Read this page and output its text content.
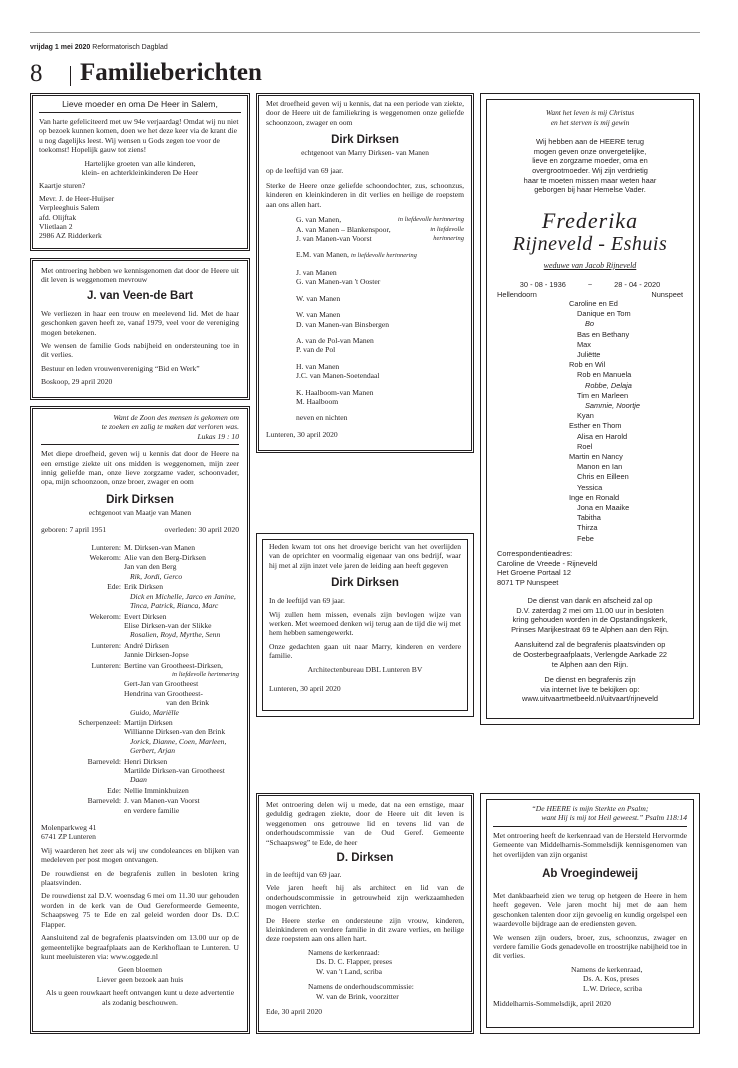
vrijdag 1 mei 2020 Reformatorisch Dagblad
8 Familieberichten
Lieve moeder en oma De Heer in Salem,

Van harte gefeliciteerd met uw 94e verjaardag! Omdat wij nu niet op bezoek kunnen komen, doen we het deze keer via de krant die u nog dagelijks leest. Wij wensen u Gods zegen toe voor de toekomst! Hopelijk gauw tot ziens!

Hartelijke groeten van alle kinderen,
klein- en achterkleinkinderen De Heer
Kaartje sturen?
Mevr. J. de Heer-Huijser
Verpleeghuis Salem
afd. Olijftak
Vlietlaan 2
2986 AZ Ridderkerk

Met ontroering hebben we kennisgenomen dat door de Heere uit dit leven is weggenomen mevrouw

J. van Veen-de Bart

We verliezen in haar een trouw en meelevend lid. Met de haar geschonken gaven heeft ze, vanaf 1979, veel voor de vereniging mogen betekenen.

We wensen de familie Gods nabijheid en ondersteuning toe in dit verlies.

Bestuur en leden vrouwenvereniging “Bid en Werk”

Boskoop, 29 april 2020
Want de Zoon des mensen is gekomen om
te zoeken en zalig te maken dat verloren was.
Lukas 19 : 10

Met diepe droefheid, geven wij u kennis dat door de Heere na een ernstige ziekte uit ons midden is weggenomen, mijn zeer innig geliefde man, onze lieve zorgzame vader, schoonvader, opa, mijn schoonzoon, onze broer, zwager en oom

Dirk Dirksen
echtgenoot van Maatje van Manen
geboren: 7 april 1951	overleden: 30 april 2020
Lunteren: M. Dirksen-van Manen
Wekerom: Alie van den Berg-Dirksen
Jan van den Berg
Rik, Jordi, Gerco
Ede: Erik Dirksen
Dick en Michelle, Jarco en Janine, Tinca, Patrick, Rianca, Marc
Wekerom: Evert Dirksen
Elise Dirksen-van der Slikke
Rosalien, Royd, Myrthe, Senn
Lunteren: André Dirksen
Jannie Dirksen-Jopse
Lunteren: Bertine van Grootheest-Dirksen,
in liefdevolle herinnering
Gert-Jan van Grootheest
Hendrina van Grootheest-
van den Brink
Guido, Mariëlle
Scherpenzeel: Martijn Dirksen
Willianne Dirksen-van den Brink
Jorick, Dianne, Coen, Marleen, Gerbert, Arjan
Barneveld: Henri Dirksen
Martilde Dirksen-van Grootheest
Daan
Ede: Nellie Imminkhuizen
Barneveld: J. van Manen-van Voorst
en verdere familie
Molenparkweg 41
6741 ZP Lunteren

Wij waarderen het zeer als wij uw condoleances en blijken van medeleven per post mogen ontvangen.

De rouwdienst en de begrafenis zullen in besloten kring plaatsvinden.

De rouwdienst zal D.V. woensdag 6 mei om 11.30 uur gehouden worden in de kerk van de Oud Gereformeerde Gemeente, Schaapsweg 75 te Ede en zal geleid worden door Ds. D.C Flapper.

Aansluitend zal de begrafenis plaatsvinden om 13.00 uur op de gemeentelijke begraafplaats aan de Kerkhoflaan te Lunteren. U kunt meeluisteren via: www.oggede.nl

Geen bloemen
Liever geen bezoek aan huis
Als u geen rouwkaart heeft ontvangen kunt u deze advertentie als zodanig beschouwen.

Met droefheid geven wij u kennis, dat na een periode van ziekte, door de Heere uit de familiekring is weggenomen onze geliefde schoonzoon, zwager en oom

Dirk Dirksen
echtgenoot van Marry Dirksen- van Manen

op de leeftijd van 69 jaar.

Sterke de Heere onze geliefde schoondochter, zus, schoonzus, kinderen en kleinkinderen in dit verlies en heilige de roepstem aan ons allen hart.

G. van Manen,	in liefdevolle herinnering
A. van Manen – Blankenspoor,	in liefdevolle
J. van Manen-van Voorst	herinnering
E.M. van Manen, in liefdevolle herinnering
J. van Manen
G. van Manen-van 't Ooster
W. van Manen
W. van Manen
D. van Manen-van Binsbergen
A. van de Pol-van Manen
P. van de Pol
H. van Manen
J.C. van Manen-Soetendaal
K. Haalboom-van Manen
M. Haalboom
neven en nichten
Lunteren, 30 april 2020

Heden kwam tot ons het droevige bericht van het overlijden van de oprichter en voormalig eigenaar van ons bedrijf, waar hij met al zijn inzet vele jaren de leiding aan heeft gegeven

Dirk Dirksen

In de leeftijd van 69 jaar.

Wij zullen hem missen, evenals zijn bevlogen wijze van werken. Met weemoed denken wij terug aan de tijd die wij met hem hebben samengewerkt.

Onze gedachten gaan uit naar Marry, kinderen en verdere familie.

Architectenbureau DBL Lunteren BV
Lunteren, 30 april 2020

Met ontroering delen wij u mede, dat na een ernstige, maar geduldig gedragen ziekte, door de Heere uit dit leven is weggenomen ons getrouwe lid en tevens lid van de onderhoudscommissie van de Oud Geref. Gemeente “Schaapsweg” te Ede, de heer

D. Dirksen

in de leeftijd van 69 jaar.

Vele jaren heeft hij als architect en lid van de onderhoudscommissie in getrouwheid zijn werkzaamheden mogen verrichten.

De Heere sterke en ondersteune zijn vrouw, kinderen, kleinkinderen en verdere familie in dit zware verlies, en heilige deze roepstem aan ons allen hart.

Namens de kerkenraad:
Ds. D. C. Flapper, preses
W. van 't Land, scriba
Namens de onderhoudscommissie:
W. van de Brink, voorzitter
Ede, 30 april 2020
Want het leven is mij Christus
en het sterven is mij gewin
Wij hebben aan de HEERE terug
mogen geven onze onvergetelijke,
lieve en zorgzame moeder, oma en
overgrootmoeder. Wij zijn verdrietig
haar te moeten missen maar weten haar
geborgen bij haar Hemelse Vader.
Frederika
Rijneveld - Eshuis
weduwe van Jacob Rijneveld
30 - 08 - 1936	~	28 - 04 - 2020
Hellendoorn	Nunspeet
Caroline en Ed
Danique en Tom
Bo
Bas en Bethany
Max
Juliëtte
Rob en Wil
Rob en Manuela
Robbe, Delaja
Tim en Marleen
Sammie, Noortje
Kyan
Esther en Thom
Alisa en Harold
Roel
Martin en Nancy
Manon en Ian
Chris en Eilleen
Yessica
Inge en Ronald
Jona en Maaike
Tabitha
Thirza
Febe
Correspondentieadres:
Caroline de Vreede - Rijneveld
Het Groene Portaal 12
8071 TP Nunspeet
De dienst van dank en afscheid zal op
D.V. zaterdag 2 mei om 11.00 uur in besloten
kring gehouden worden in de Opstandingskerk,
Prinses Marijkestraat 69 te Alphen aan den Rijn.
Aansluitend zal de begrafenis plaatsvinden op
de Oosterbegraafplaats, Verlengde Aarkade 22
te Alphen aan den Rijn.
De dienst en begrafenis zijn
via internet live te bekijken op:
www.uitvaartmetbeeld.nl/uitvaart/rijneveld
“De HEERE is mijn Sterkte en Psalm;
want Hij is mij tot Heil geweest.” Psalm 118:14

Met ontroering heeft de kerkenraad van de Hersteld Hervormde Gemeente van Middelharnis-Sommelsdijk kennisgenomen van het overlijden van zijn organist

Ab Vroegindeweij

Met dankbaarheid zien we terug op hetgeen de Heere in hem heeft gegeven. Vele jaren mocht hij met de aan hem geschonken talenten door zijn gevoelig en kundig orgelspel een waardevolle bijdrage aan de erediensten geven.

We wensen zijn ouders, broer, zus, schoonzus, zwager en verdere familie Gods genadevolle en troostrijke nabijheid toe in dit verlies.

Namens de kerkenraad,
Ds. A. Kos, preses
L.W. Driece, scriba
Middelharnis-Sommelsdijk, april 2020
